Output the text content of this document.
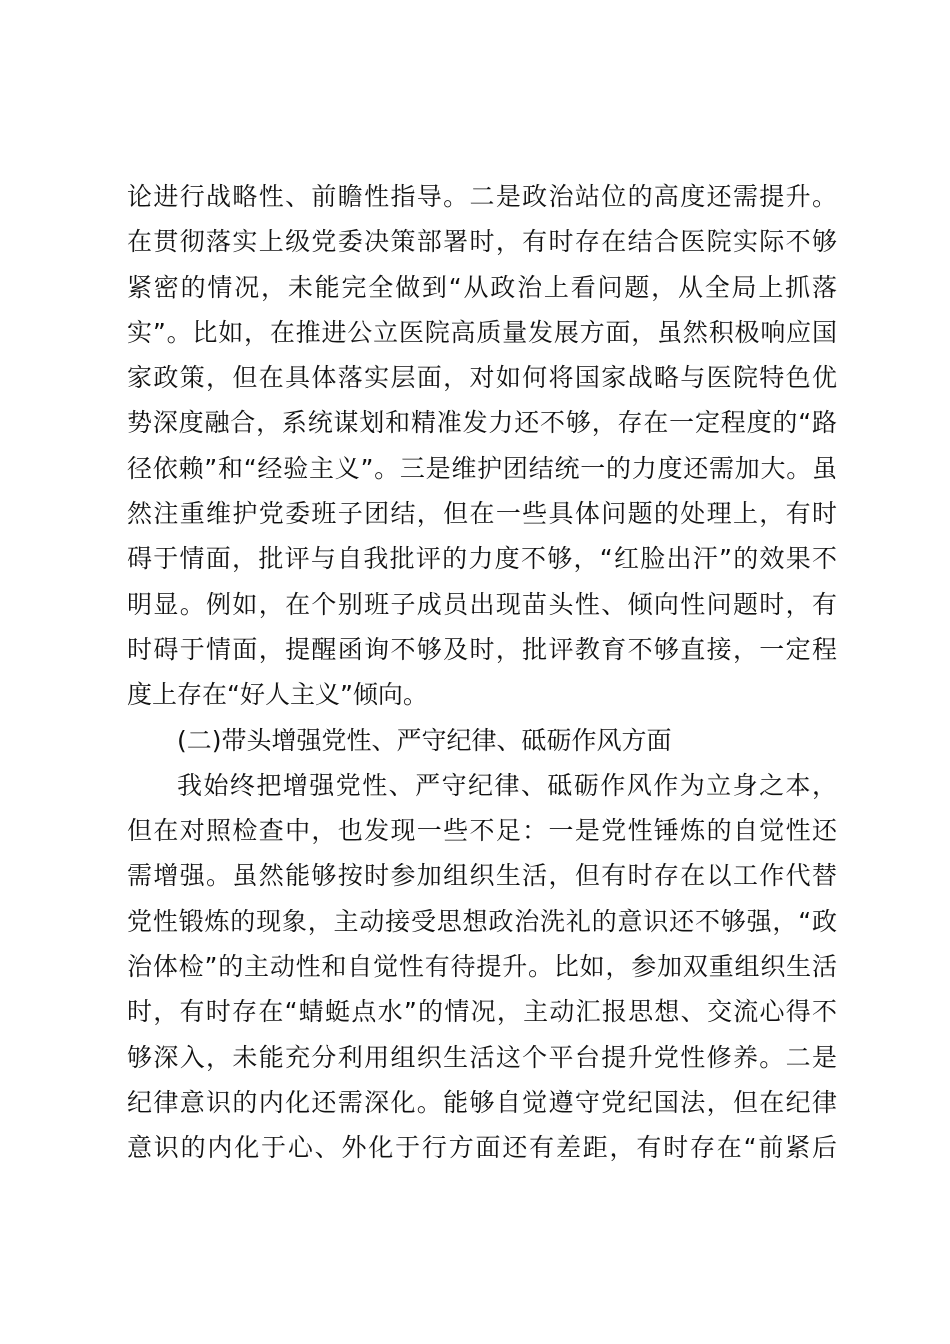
论进行战略性、前瞻性指导。二是政治站位的高度还需提升。
在贯彻落实上级党委决策部署时，有时存在结合医院实际不够
紧密的情况，未能完全做到“从政治上看问题，从全局上抓落
实”。比如，在推进公立医院高质量发展方面，虽然积极响应国
家政策，但在具体落实层面，对如何将国家战略与医院特色优
势深度融合，系统谋划和精准发力还不够，存在一定程度的“路
径依赖”和“经验主义”。三是维护团结统一的力度还需加大。虽
然注重维护党委班子团结，但在一些具体问题的处理上，有时
碍于情面，批评与自我批评的力度不够，“红脸出汗”的效果不
明显。例如，在个别班子成员出现苗头性、倾向性问题时，有
时碍于情面，提醒函询不够及时，批评教育不够直接，一定程
度上存在“好人主义”倾向。
(二)带头增强党性、严守纪律、砥砺作风方面
我始终把增强党性、严守纪律、砥砺作风作为立身之本，
但在对照检查中，也发现一些不足：一是党性锤炼的自觉性还
需增强。虽然能够按时参加组织生活，但有时存在以工作代替
党性锻炼的现象，主动接受思想政治洗礼的意识还不够强，“政
治体检”的主动性和自觉性有待提升。比如，参加双重组织生活
时，有时存在“蜻蜓点水”的情况，主动汇报思想、交流心得不
够深入，未能充分利用组织生活这个平台提升党性修养。二是
纪律意识的内化还需深化。能够自觉遵守党纪国法，但在纪律
意识的内化于心、外化于行方面还有差距，有时存在“前紧后
